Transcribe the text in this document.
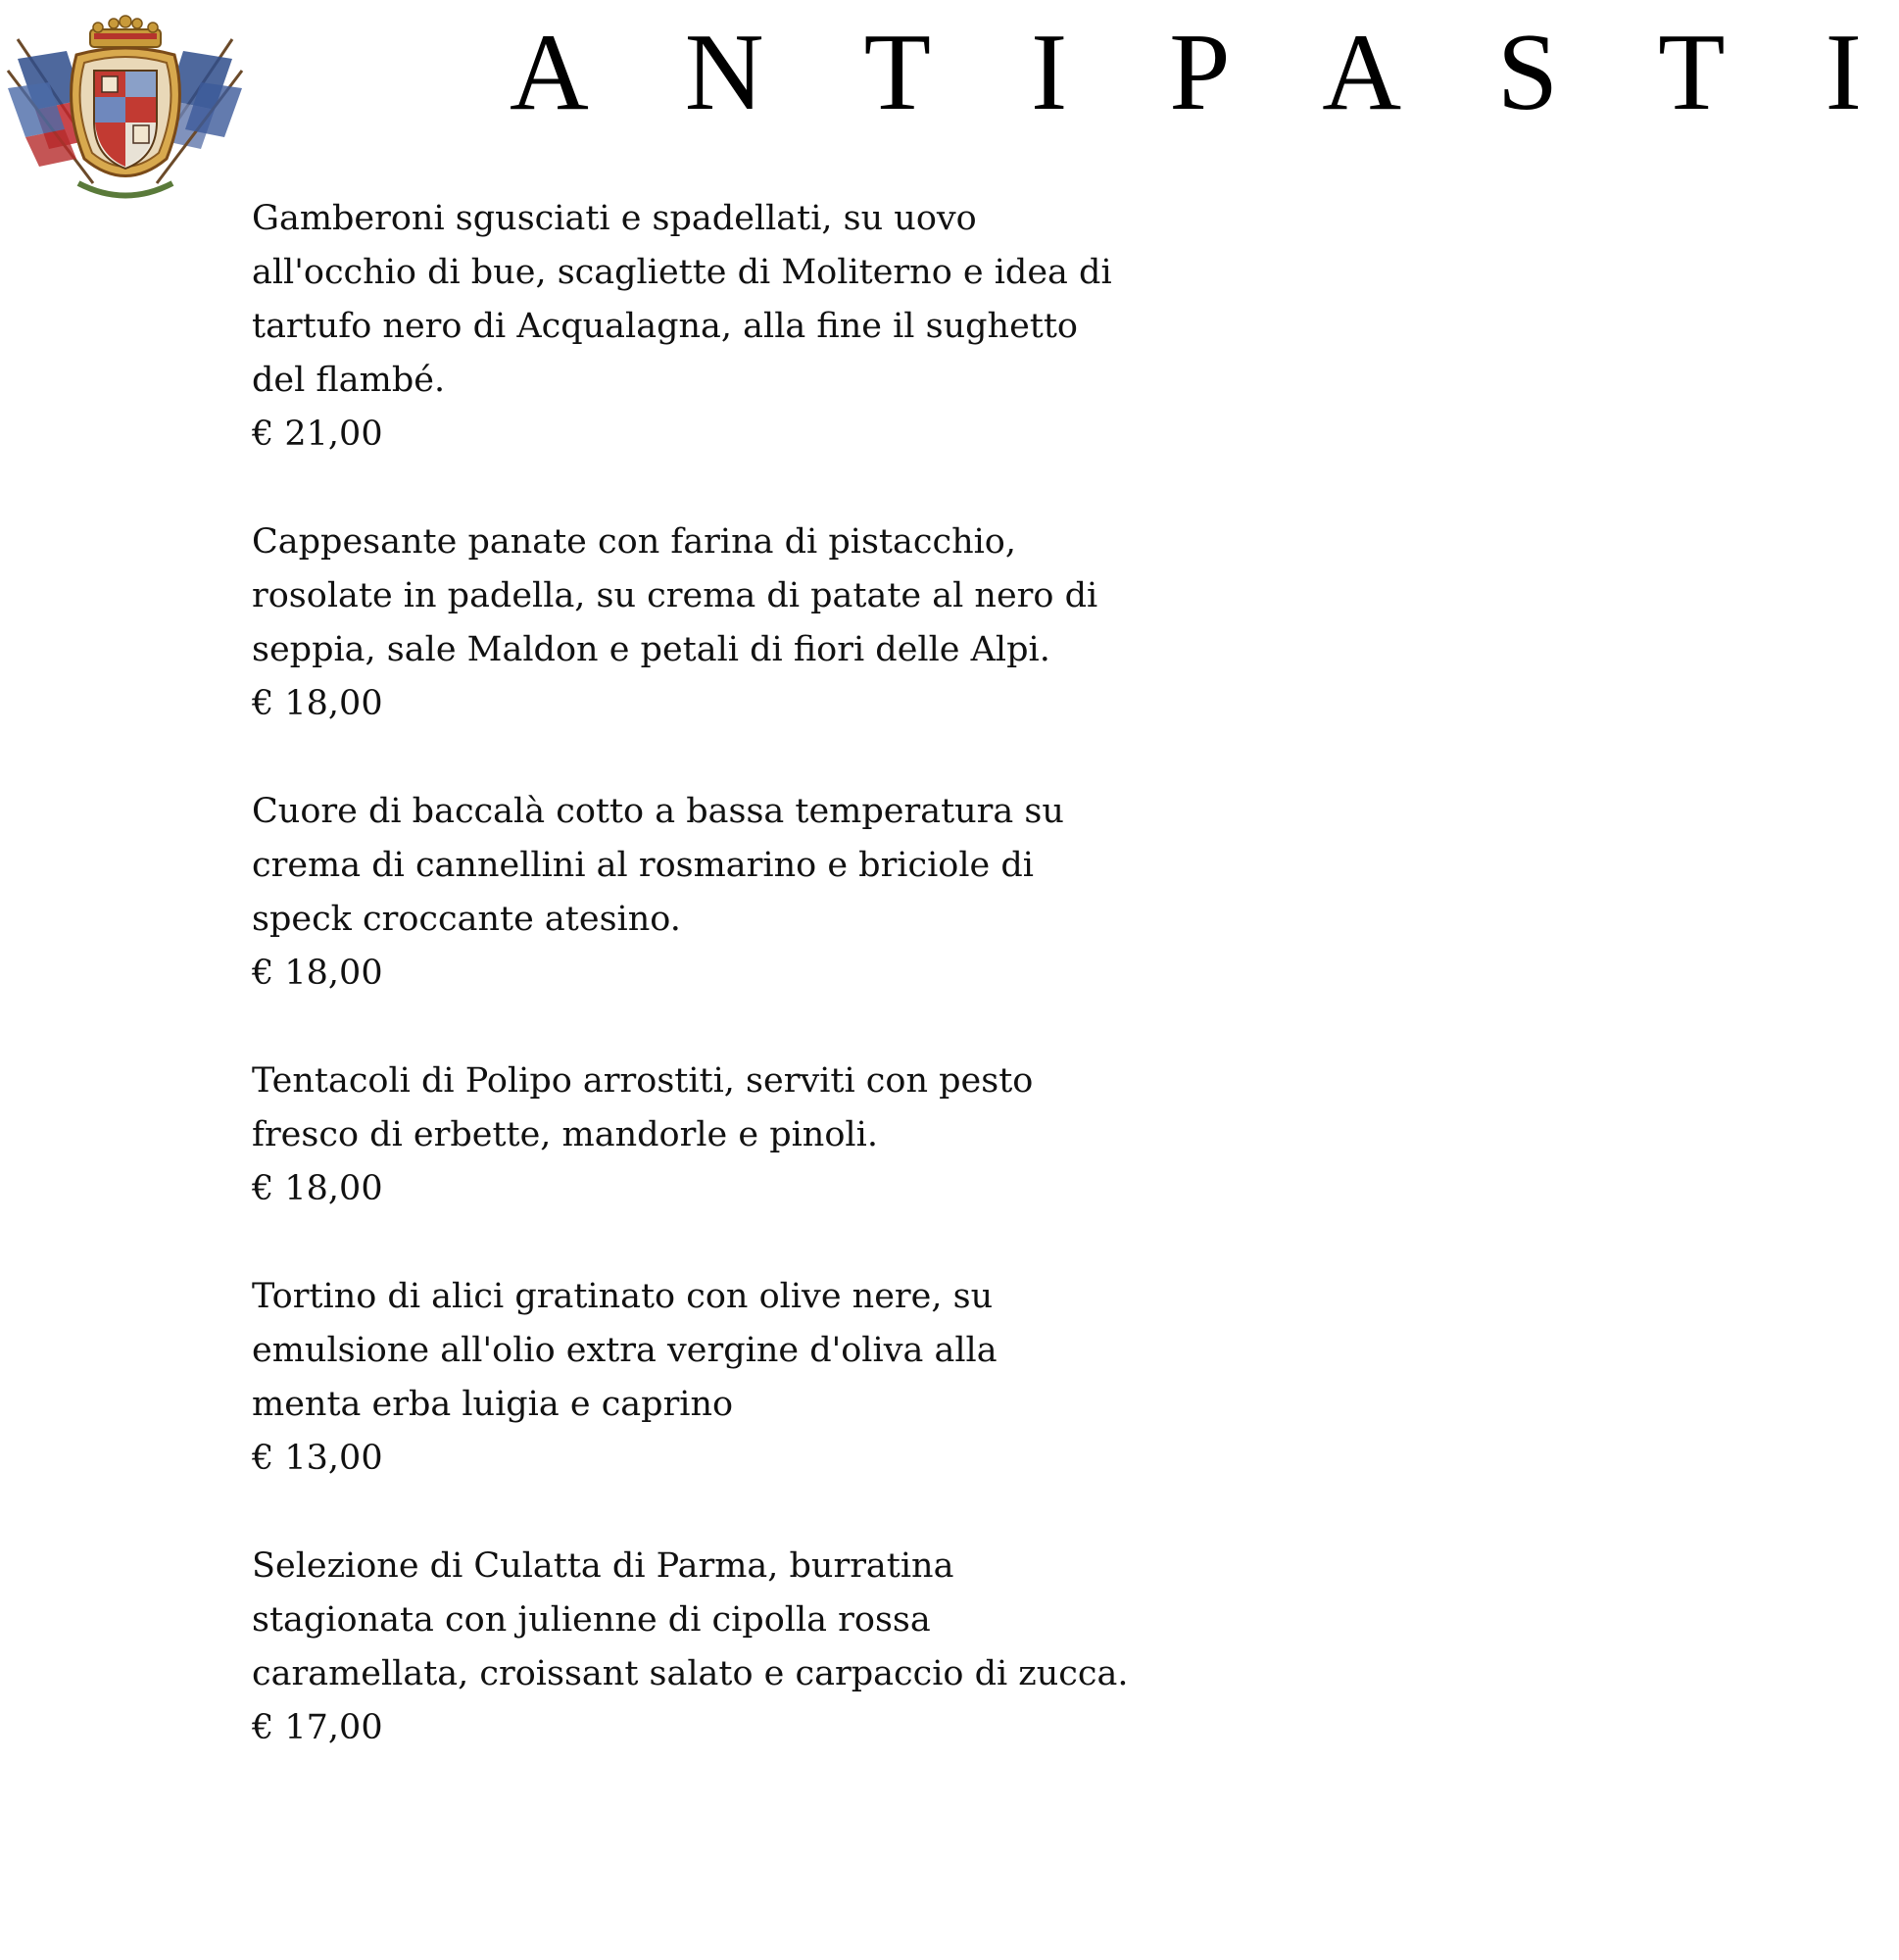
A N T I P A S T I
Gamberoni sgusciati e spadellati, su uovo
all'occhio di bue, scagliette di Moliterno e idea di
tartufo nero di Acqualagna, alla fine il sughetto
del flambé.
€ 21,00
Cappesante panate con farina di pistacchio,
rosolate in padella, su crema di patate al nero di
seppia, sale Maldon e petali di fiori delle Alpi.
€ 18,00
Cuore di baccalà cotto a bassa temperatura su
crema di cannellini al rosmarino e briciole di
speck croccante atesino.
€ 18,00
Tentacoli di Polipo arrostiti, serviti con pesto
fresco di erbette, mandorle e pinoli.
€ 18,00
Tortino di alici gratinato con olive nere, su
emulsione all'olio extra vergine d'oliva alla
menta erba luigia e caprino
€ 13,00
Selezione di Culatta di Parma, burratina
stagionata con julienne di cipolla rossa
caramellata, croissant salato e carpaccio di zucca.
€ 17,00
